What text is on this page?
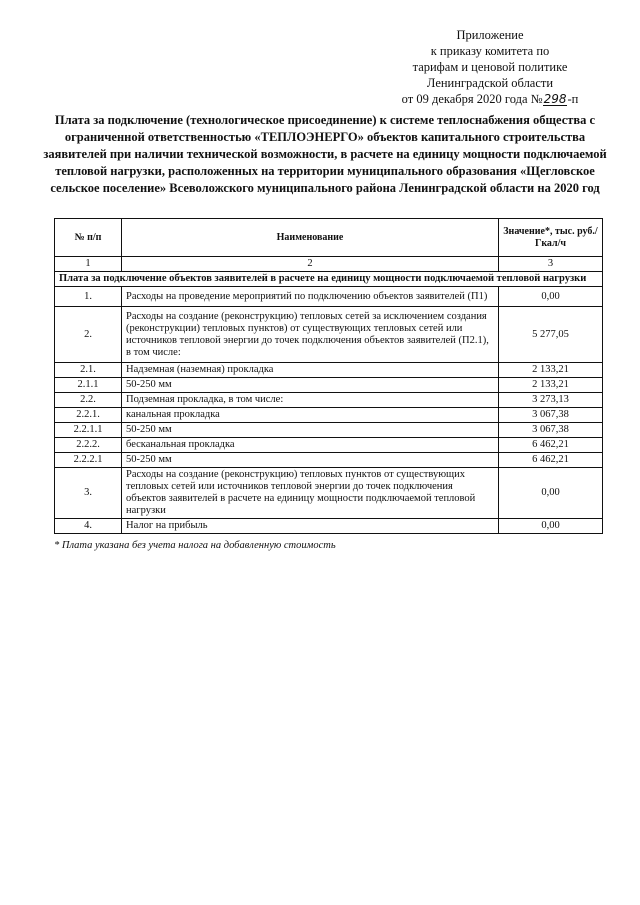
Приложение
к приказу комитета по
тарифам и ценовой политике
Ленинградской области
от 09 декабря 2020 года №298-п
Плата за подключение (технологическое присоединение) к системе теплоснабжения общества с ограниченной ответственностью «ТЕПЛОЭНЕРГО» объектов капитального строительства заявителей при наличии технической возможности, в расчете на единицу мощности подключаемой тепловой нагрузки, расположенных на территории муниципального образования «Щегловское сельское поселение» Всеволожского муниципального района Ленинградской области на 2020 год
№ п/п	Наименование	Значение*, тыс. руб./Гкал/ч
1	2	3
Плата за подключение объектов заявителей в расчете на единицу мощности подключаемой тепловой нагрузки		
1.	Расходы на проведение мероприятий по подключению объектов заявителей (П1)	0,00
2.	Расходы на создание (реконструкцию) тепловых сетей за исключением создания (реконструкции) тепловых пунктов) от существующих тепловых сетей или источников тепловой энергии до точек подключения объектов заявителей (П2.1), в том числе:	5 277,05
2.1.	Надземная (наземная) прокладка	2 133,21
2.1.1	50-250 мм	2 133,21
2.2.	Подземная прокладка, в том числе:	3 273,13
2.2.1.	канальная прокладка	3 067,38
2.2.1.1	50-250 мм	3 067,38
2.2.2.	бесканальная прокладка	6 462,21
2.2.2.1	50-250 мм	6 462,21
3.	Расходы на создание (реконструкцию) тепловых пунктов от существующих тепловых сетей или источников тепловой энергии до точек подключения объектов заявителей в расчете на единицу мощности подключаемой тепловой нагрузки	0,00
4.	Налог на прибыль	0,00
* Плата указана без учета налога на добавленную стоимость
